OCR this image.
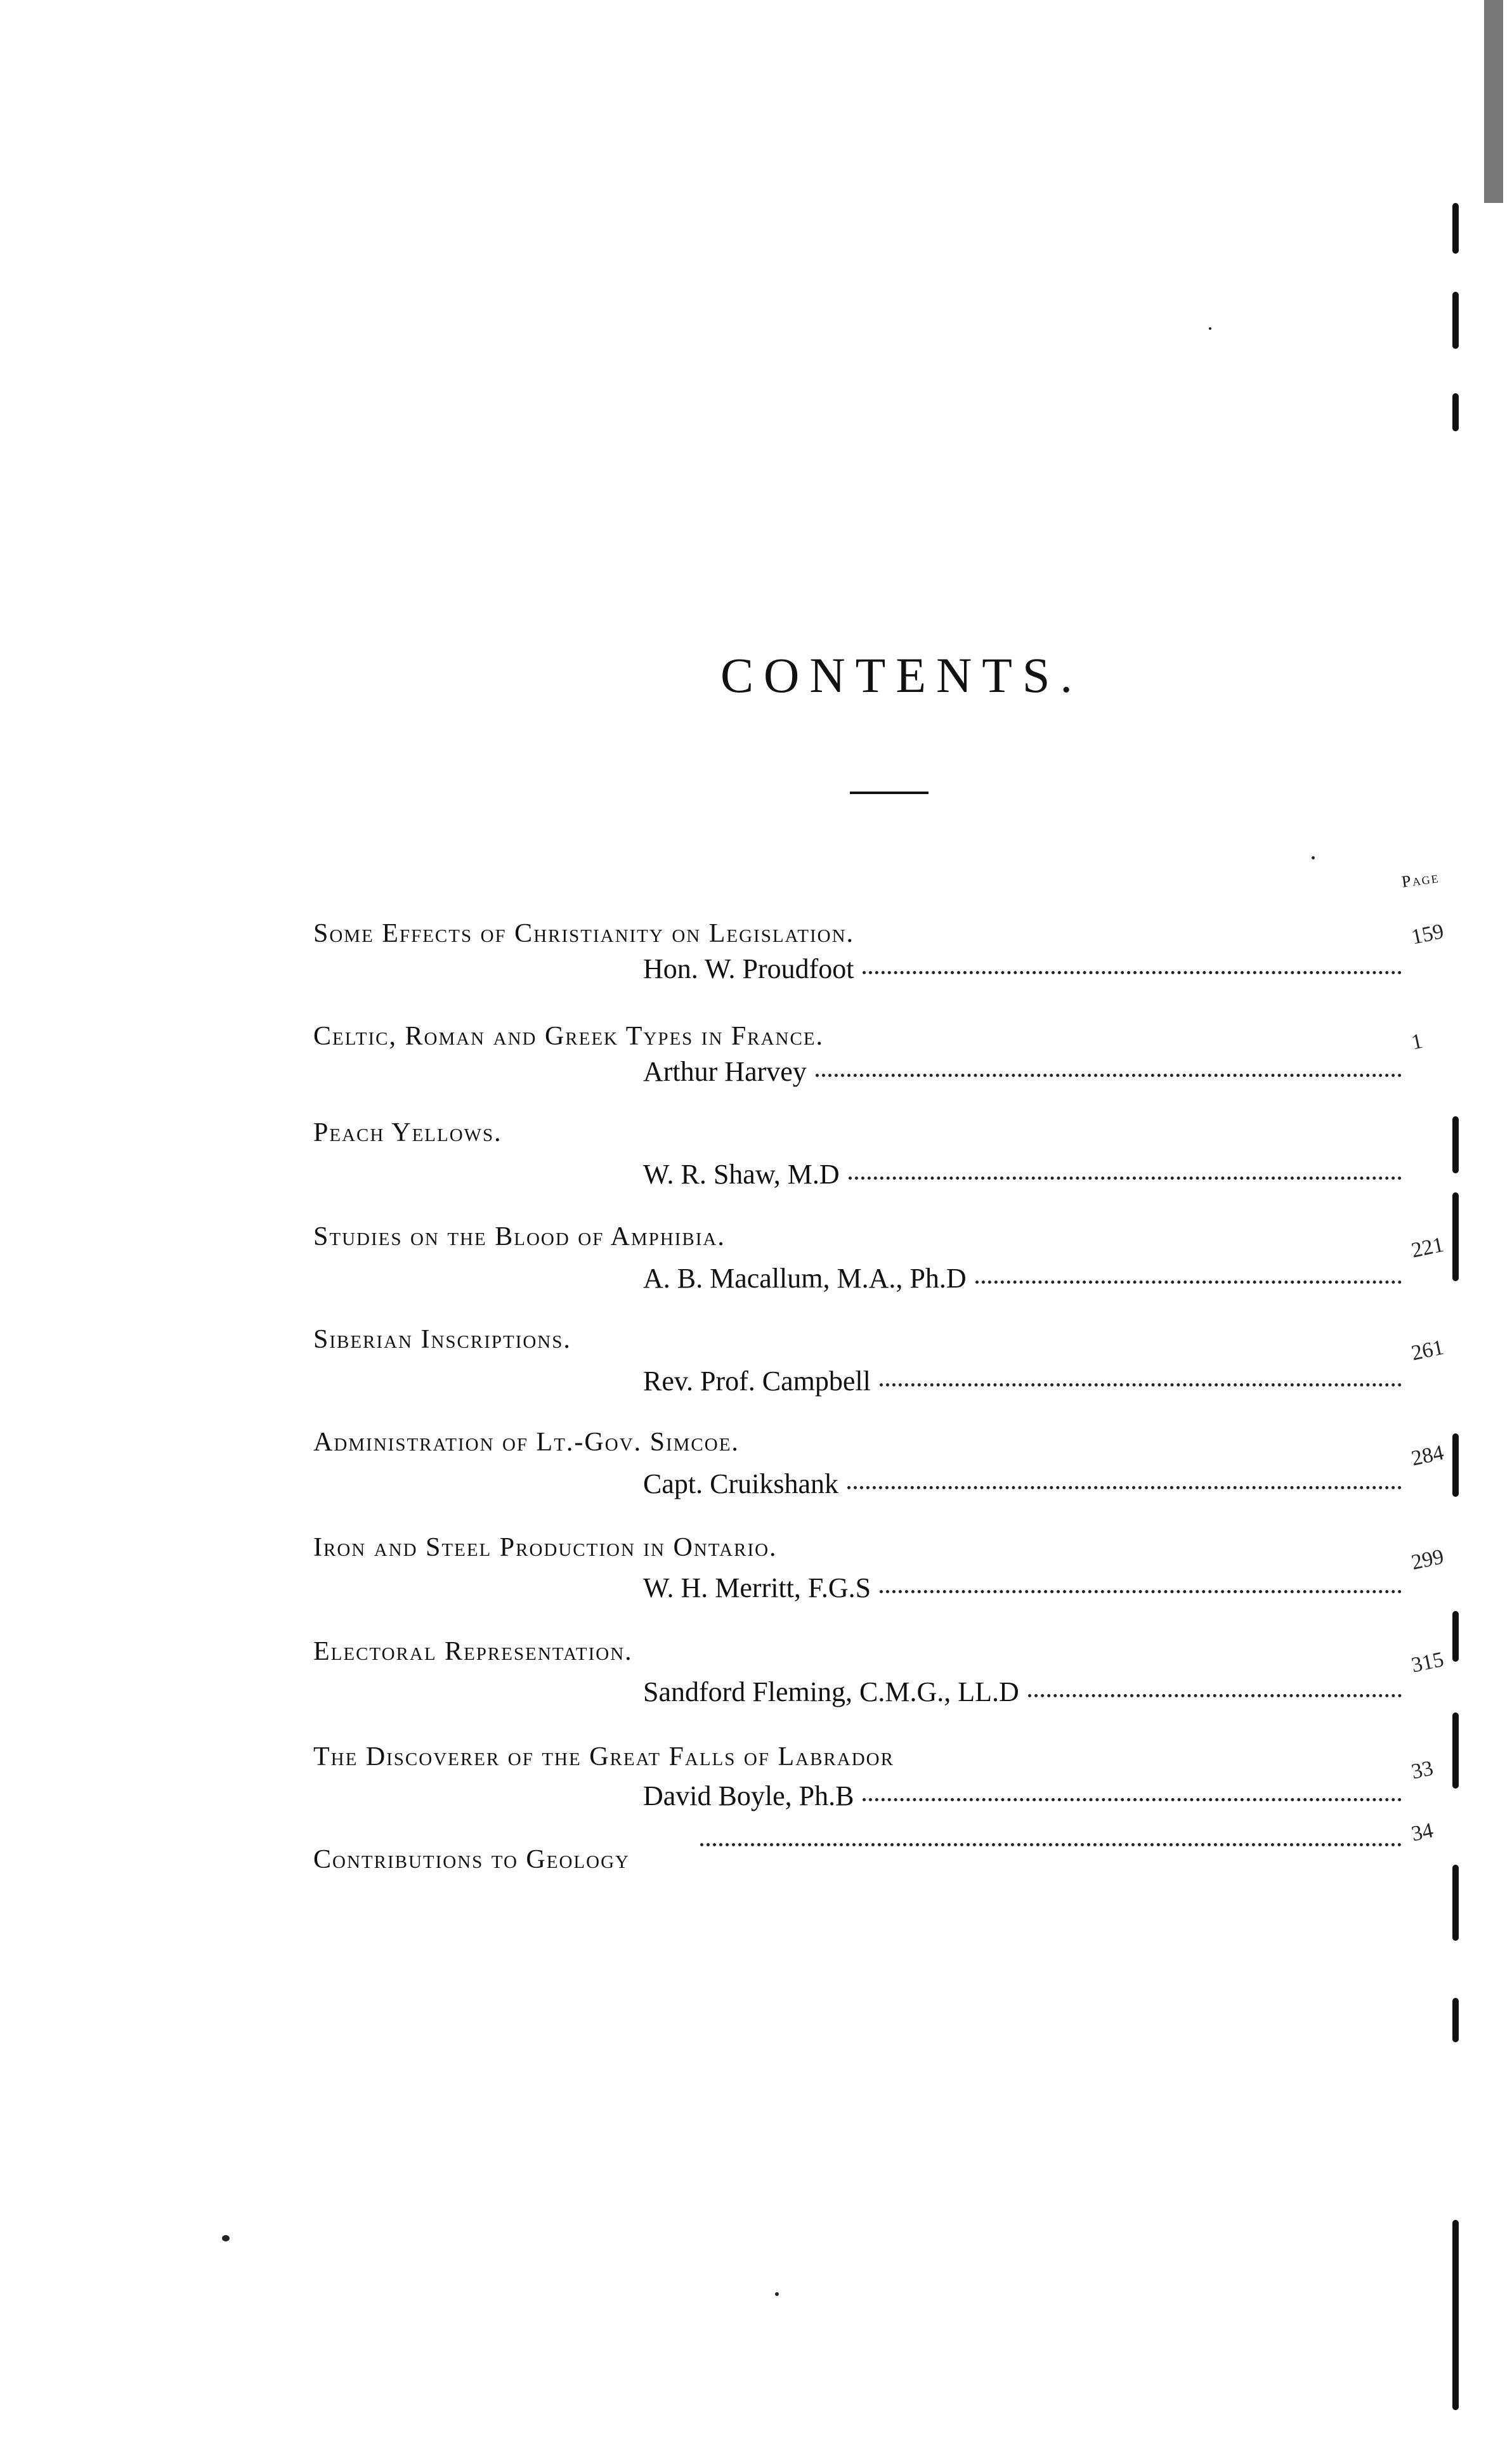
CONTENTS.
Page
Some Effects of Christianity on Legislation.
Hon. W. Proudfoot
159
Celtic, Roman and Greek Types in France.
Arthur Harvey
1
Peach Yellows.
W. R. Shaw, M.D
Studies on the Blood of Amphibia.
A. B. Macallum, M.A., Ph.D
221
Siberian Inscriptions.
Rev. Prof. Campbell
261
Administration of Lt.-Gov. Simcoe.
Capt. Cruikshank
284
Iron and Steel Production in Ontario.
W. H. Merritt, F.G.S
299
Electoral Representation.
Sandford Fleming, C.M.G., LL.D
315
The Discoverer of the Great Falls of Labrador
David Boyle, Ph.B
33
Contributions to Geology
34
